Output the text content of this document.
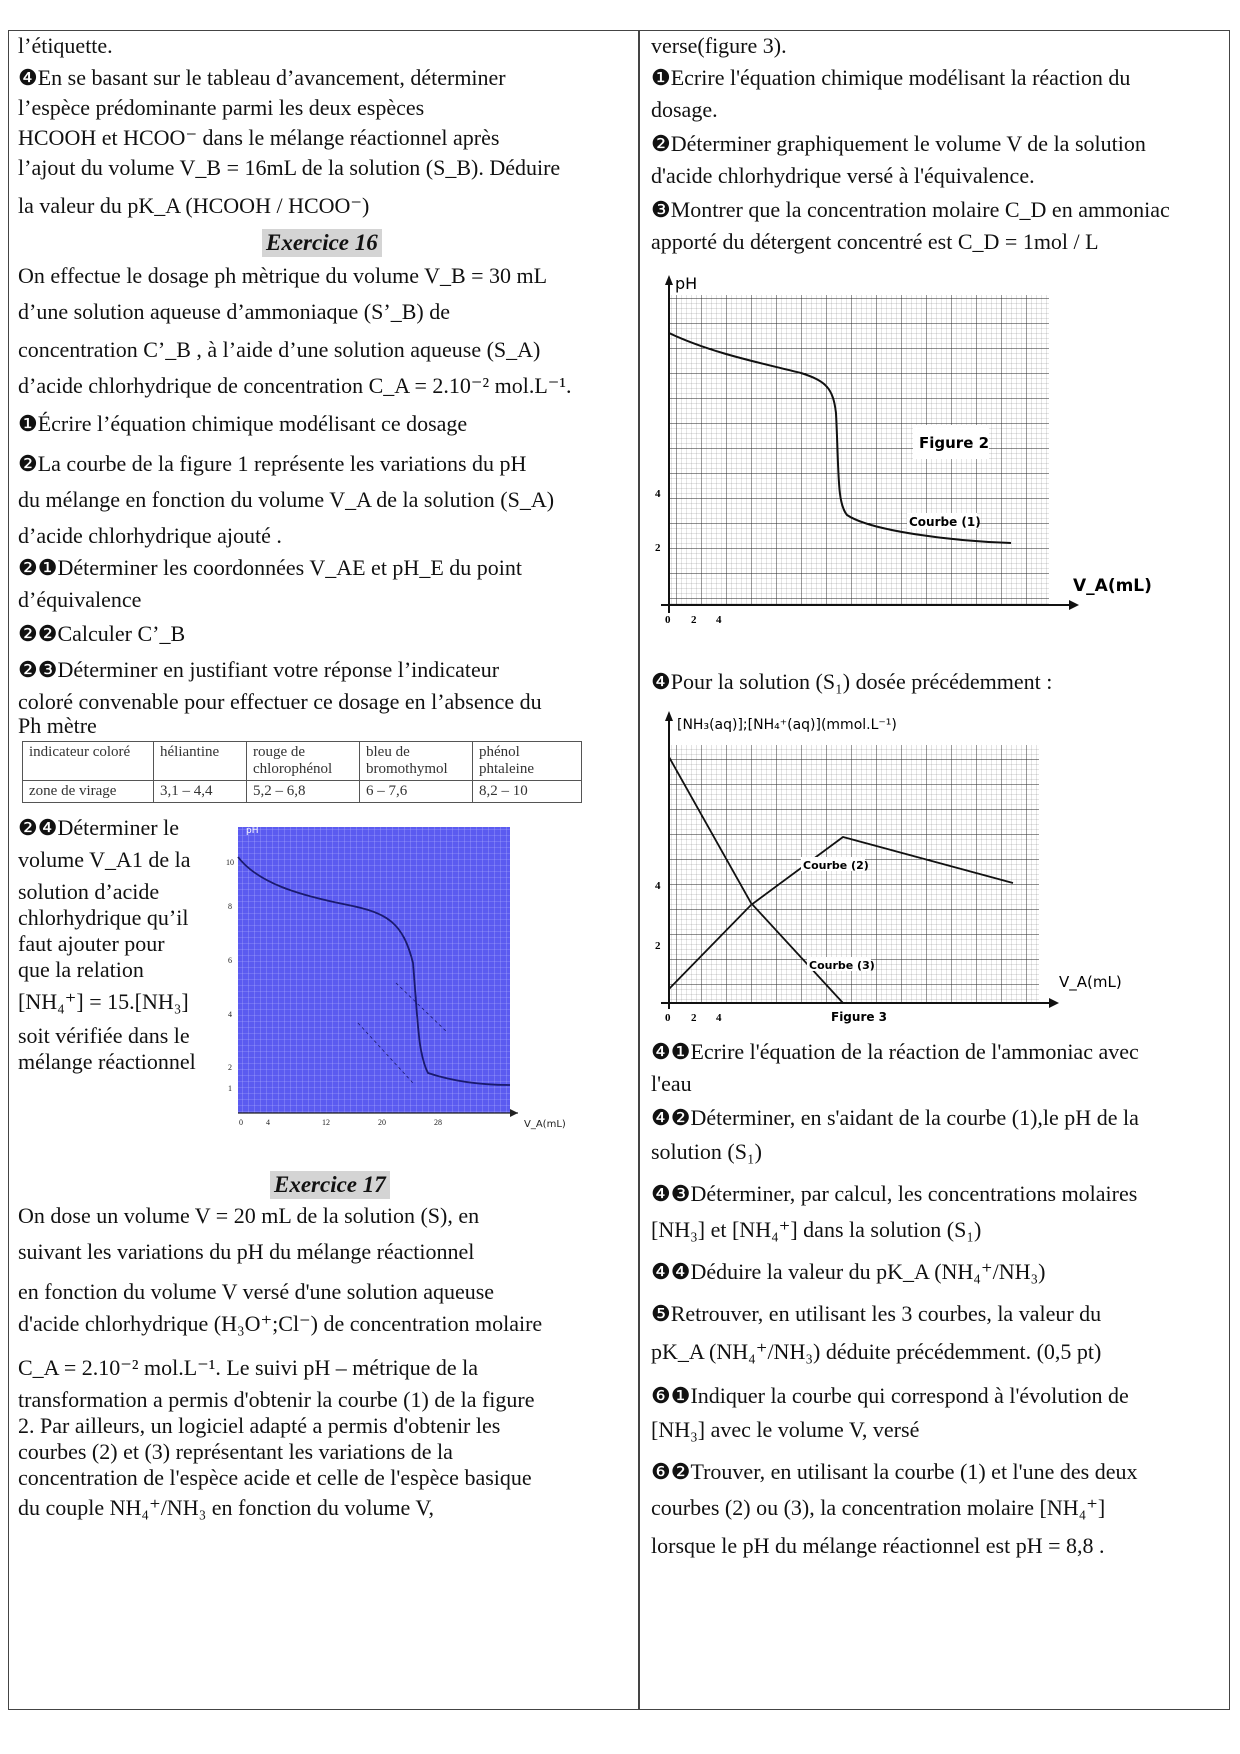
l’étiquette.
❹En se basant sur le tableau d’avancement, déterminer
l’espèce prédominante parmi les deux espèces
HCOOH et HCOO⁻ dans le mélange réactionnel après
l’ajout du volume V_B = 16mL de la solution (S_B). Déduire
la valeur du pK_A (HCOOH / HCOO⁻)
Exercice 16
On effectue le dosage ph mètrique du volume V_B = 30 mL
d’une solution aqueuse d’ammoniaque (S’_B) de
concentration C’_B , à l’aide d’une solution aqueuse (S_A)
d’acide chlorhydrique de concentration C_A = 2.10⁻² mol.L⁻¹.
❶Écrire l’équation chimique modélisant ce dosage
❷La courbe de la figure 1 représente les variations du pH
du mélange en fonction du volume V_A de la solution (S_A)
d’acide chlorhydrique ajouté .
❷❶Déterminer les coordonnées V_AE et pH_E du point
d’équivalence
❷❷Calculer C’_B
❷❸Déterminer en justifiant votre réponse l’indicateur
coloré convenable pour effectuer ce dosage en l’absence du
Ph mètre
indicateur coloré	héliantine	rouge de chlorophénol	bleu de bromothymol	phénol phtaleine
zone de virage	3,1 – 4,4	5,2 – 6,8	6 – 7,6	8,2 – 10
❷❹Déterminer le
volume V_A1 de la
solution d’acide
chlorhydrique qu’il
faut ajouter pour
que la relation
[NH₄⁺] = 15.[NH₃]
soit vérifiée dans le
mélange réactionnel
pH
V_A(mL)
1
2
4
6
8
10
0	4	12	20	28
Exercice 17
On dose un volume V = 20 mL de la solution (S), en
suivant les variations du pH du mélange réactionnel
en fonction du volume V versé d'une solution aqueuse
d'acide chlorhydrique (H₃O⁺;Cl⁻) de concentration molaire
C_A = 2.10⁻² mol.L⁻¹. Le suivi pH – métrique de la
transformation a permis d'obtenir la courbe (1) de la figure
2. Par ailleurs, un logiciel adapté a permis d'obtenir les
courbes (2) et (3) représentant les variations de la
concentration de l'espèce acide et celle de l'espèce basique
du couple NH₄⁺/NH₃ en fonction du volume V,
verse(figure 3).
❶Ecrire l'équation chimique modélisant la réaction du
dosage.
❷Déterminer graphiquement le volume V de la solution
d'acide chlorhydrique versé à l'équivalence.
❸Montrer que la concentration molaire C_D en ammoniac
apporté du détergent concentré est C_D = 1mol / L
Figure 2
Courbe (1)
pH
V_A(mL)
2
4
0 2 4
❹Pour la solution (S₁) dosée précédemment :
Courbe (2)
Courbe (3)
[NH₃(aq)];[NH₄⁺(aq)](mmol.L⁻¹)
V_A(mL)
Figure 3
2
4
0 2 4
❹❶Ecrire l'équation de la réaction de l'ammoniac avec
l'eau
❹❷Déterminer, en s'aidant de la courbe (1),le pH de la
solution (S₁)
❹❸Déterminer, par calcul, les concentrations molaires
[NH₃] et [NH₄⁺] dans la solution (S₁)
❹❹Déduire la valeur du pK_A (NH₄⁺/NH₃)
❺Retrouver, en utilisant les 3 courbes, la valeur du
pK_A (NH₄⁺/NH₃) déduite précédemment. (0,5 pt)
❻❶Indiquer la courbe qui correspond à l'évolution de
[NH₃] avec le volume V, versé
❻❷Trouver, en utilisant la courbe (1) et l'une des deux
courbes (2) ou (3), la concentration molaire [NH₄⁺]
lorsque le pH du mélange réactionnel est pH = 8,8 .
